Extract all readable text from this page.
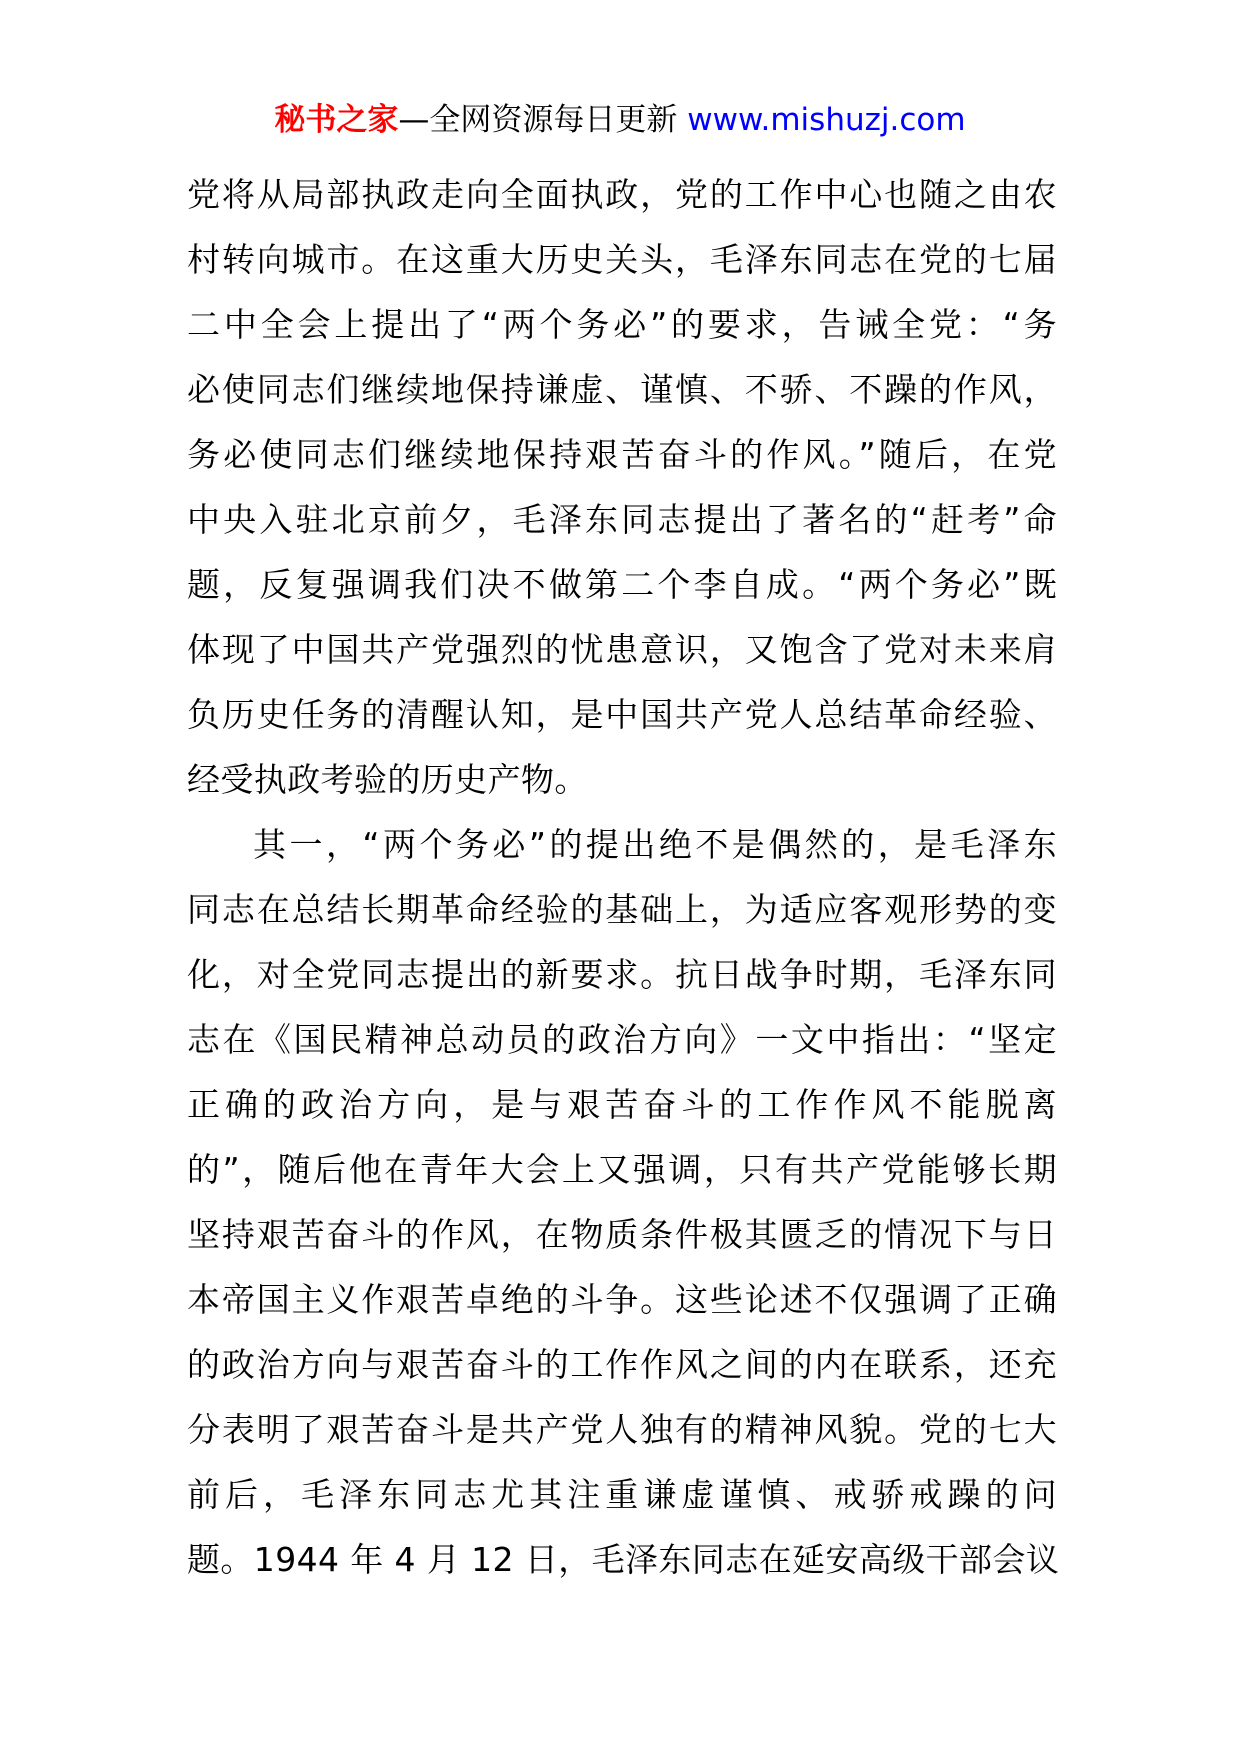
秘书之家—全网资源每日更新 www.mishuzj.com
党将从局部执政走向全面执政，党的工作中心也随之由农
村转向城市。在这重大历史关头，毛泽东同志在党的七届
二中全会上提出了“两个务必”的要求，告诫全党：“务
必使同志们继续地保持谦虚、谨慎、不骄、不躁的作风，
务必使同志们继续地保持艰苦奋斗的作风。”随后，在党
中央入驻北京前夕，毛泽东同志提出了著名的“赶考”命
题，反复强调我们决不做第二个李自成。“两个务必”既
体现了中国共产党强烈的忧患意识，又饱含了党对未来肩
负历史任务的清醒认知，是中国共产党人总结革命经验、
经受执政考验的历史产物。
其一，“两个务必”的提出绝不是偶然的，是毛泽东
同志在总结长期革命经验的基础上，为适应客观形势的变
化，对全党同志提出的新要求。抗日战争时期，毛泽东同
志在《国民精神总动员的政治方向》一文中指出：“坚定
正确的政治方向，是与艰苦奋斗的工作作风不能脱离
的”，随后他在青年大会上又强调，只有共产党能够长期
坚持艰苦奋斗的作风，在物质条件极其匮乏的情况下与日
本帝国主义作艰苦卓绝的斗争。这些论述不仅强调了正确
的政治方向与艰苦奋斗的工作作风之间的内在联系，还充
分表明了艰苦奋斗是共产党人独有的精神风貌。党的七大
前后，毛泽东同志尤其注重谦虚谨慎、戒骄戒躁的问
题。1944 年 4 月 12 日，毛泽东同志在延安高级干部会议
